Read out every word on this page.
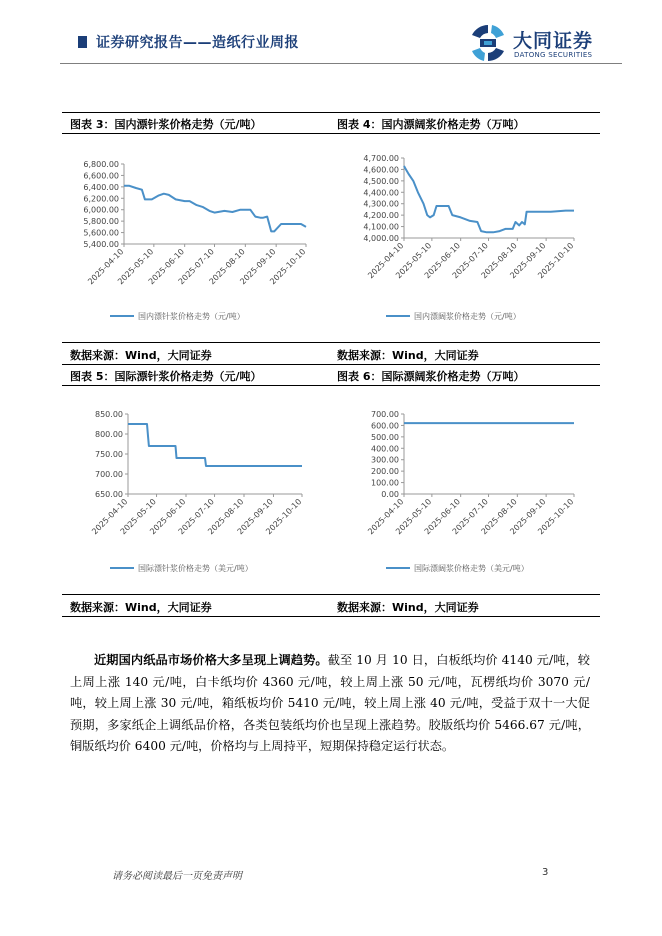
证券研究报告——造纸行业周报	大同证券
DATONG SECURITIES
图表 3：国内漂针浆价格走势（元/吨）	图表 4：国内漂阔浆价格走势（万吨）
数据来源：Wind，大同证券	数据来源：Wind，大同证券
图表 5：国际漂针浆价格走势（元/吨）	图表 6：国际漂阔浆价格走势（万吨）
数据来源：Wind，大同证券	数据来源：Wind，大同证券
6,800.00
6,600.00
6,400.00
6,200.00
6,000.00
5,800.00
5,600.00
5,400.00
2025-04-10
2025-05-10
2025-06-10
2025-07-10
2025-08-10
2025-09-10
2025-10-10
国内漂针浆价格走势（元/吨）
4,700.00
4,600.00
4,500.00
4,400.00
4,300.00
4,200.00
4,100.00
4,000.00
2025-04-10
2025-05-10
2025-06-10
2025-07-10
2025-08-10
2025-09-10
2025-10-10
国内漂阔浆价格走势（元/吨）
850.00
800.00
750.00
700.00
650.00
2025-04-10
2025-05-10
2025-06-10
2025-07-10
2025-08-10
2025-09-10
2025-10-10
国际漂针浆价格走势（美元/吨）
700.00
600.00
500.00
400.00
300.00
200.00
100.00
0.00
2025-04-10
2025-05-10
2025-06-10
2025-07-10
2025-08-10
2025-09-10
2025-10-10
国际漂阔浆价格走势（美元/吨）
近期国内纸品市场价格大多呈现上调趋势。截至 10 月 10 日，白板纸均价 4140 元/吨，较上周上涨 140 元/吨，白卡纸均价 4360 元/吨，较上周上涨 50 元/吨，瓦楞纸均价 3070 元/吨，较上周上涨 30 元/吨，箱纸板均价 5410 元/吨，较上周上涨 40 元/吨，受益于双十一大促预期，多家纸企上调纸品价格，各类包装纸均价也呈现上涨趋势。胶版纸均价 5466.67 元/吨，铜版纸均价 6400 元/吨，价格均与上周持平，短期保持稳定运行状态。
请务必阅读最后一页免责声明	3
